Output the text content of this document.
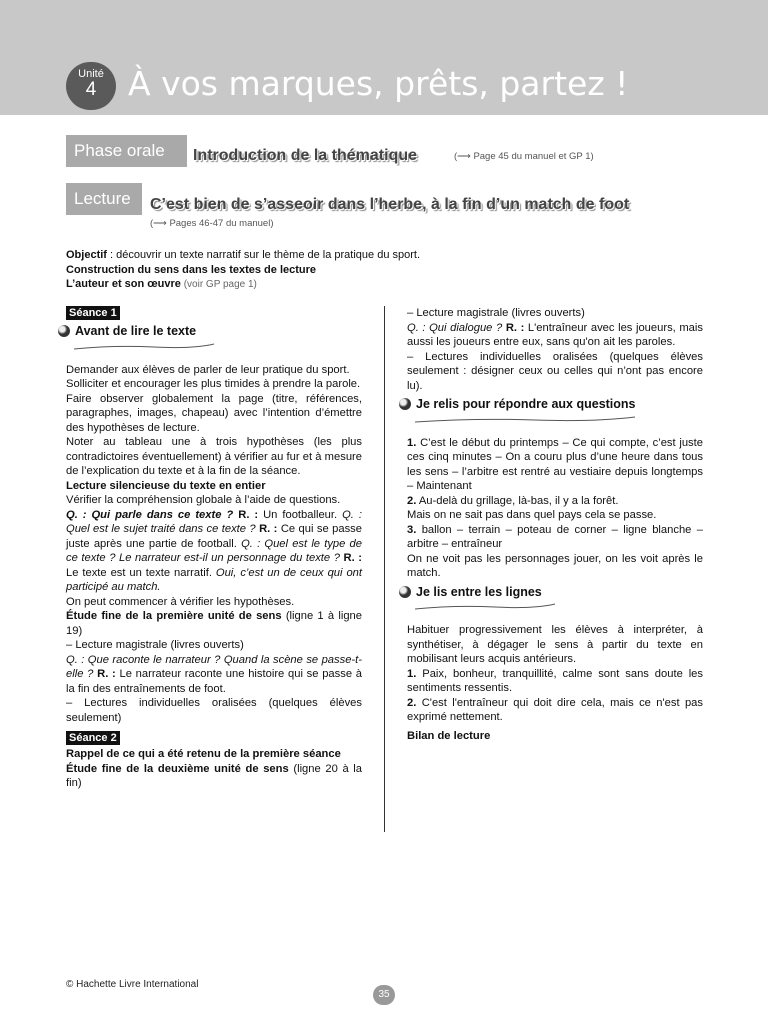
Unité
4 À vos marques, prêts, partez !
Phase orale	Introduction de la thématique	(⟶ Page 45 du manuel et GP 1)
Lecture	C’est bien de s’asseoir dans l’herbe, à la fin d’un match de foot
(⟶ Pages 46-47 du manuel)

Objectif : découvrir un texte narratif sur le thème de la pratique du sport.

Construction du sens dans les textes de lecture

L’auteur et son œuvre (voir GP page 1)

Séance 1
Avant de lire le texte

Demander aux élèves de parler de leur pratique du sport.

Solliciter et encourager les plus timides à prendre la parole.

Faire observer globalement la page (titre, références, paragraphes, images, chapeau) avec l’intention d’émettre des hypothèses de lecture.

Noter au tableau une à trois hypothèses (les plus contradictoires éventuellement) à vérifier au fur et à mesure de l’explication du texte et à la fin de la séance.

Lecture silencieuse du texte en entier

Vérifier la compréhension globale à l’aide de questions.

Q. : Qui parle dans ce texte ? R. : Un footballeur. Q. : Quel est le sujet traité dans ce texte ? R. : Ce qui se passe juste après une partie de football. Q. : Quel est le type de ce texte ? Le narrateur est-il un personnage du texte ? R. : Le texte est un texte narratif. Oui, c’est un de ceux qui ont participé au match.

On peut commencer à vérifier les hypothèses.

Étude fine de la première unité de sens (ligne 1 à ligne 19)

– Lecture magistrale (livres ouverts)

Q. : Que raconte le narrateur ? Quand la scène se passe-t-elle ? R. : Le narrateur raconte une histoire qui se passe à la fin des entraînements de foot.

– Lectures individuelles oralisées (quelques élèves seulement)

Séance 2

Rappel de ce qui a été retenu de la première séance

Étude fine de la deuxième unité de sens (ligne 20 à la fin)

– Lecture magistrale (livres ouverts)

Q. : Qui dialogue ? R. : L'entraîneur avec les joueurs, mais aussi les joueurs entre eux, sans qu'on ait les paroles.

– Lectures individuelles oralisées (quelques élèves seulement : désigner ceux ou celles qui n’ont pas encore lu).

Je relis pour répondre aux questions

1. C’est le début du printemps – Ce qui compte, c’est juste ces cinq minutes – On a couru plus d’une heure dans tous les sens – l’arbitre est rentré au vestiaire depuis longtemps – Maintenant

2. Au-delà du grillage, là-bas, il y a la forêt.

Mais on ne sait pas dans quel pays cela se passe.

3. ballon – terrain – poteau de corner – ligne blanche – arbitre – entraîneur

On ne voit pas les personnages jouer, on les voit après le match.

Je lis entre les lignes

Habituer progressivement les élèves à interpréter, à synthétiser, à dégager le sens à partir du texte en mobilisant leurs acquis antérieurs.

1. Paix, bonheur, tranquillité, calme sont sans doute les sentiments ressentis.

2. C'est l'entraîneur qui doit dire cela, mais ce n'est pas exprimé nettement.

Bilan de lecture

© Hachette Livre International
35
